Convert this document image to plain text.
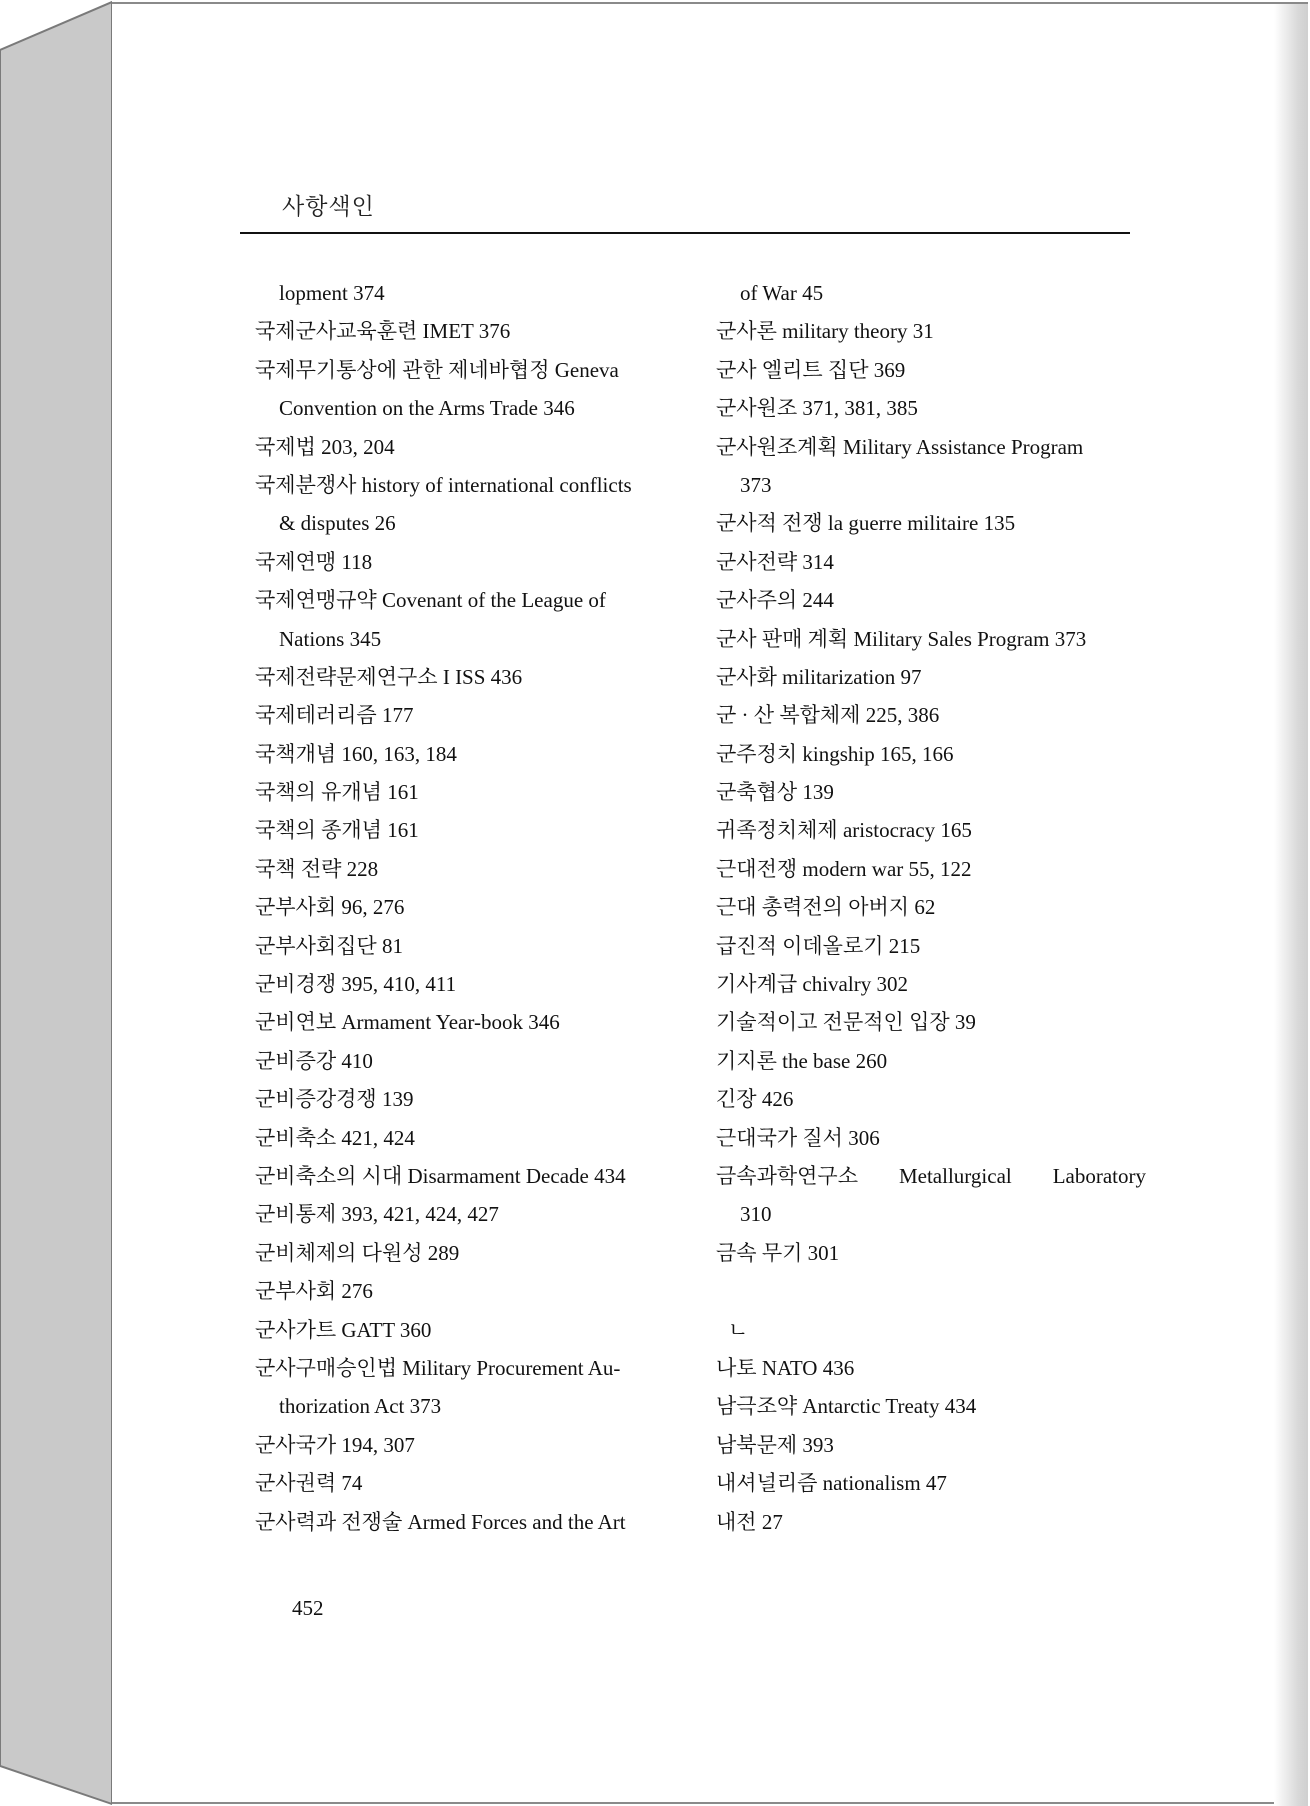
사항색인
lopment 374
국제군사교육훈련 IMET 376
국제무기통상에 관한 제네바협정 Geneva
Convention on the Arms Trade 346
국제법 203, 204
국제분쟁사 history of international conflicts
& disputes 26
국제연맹 118
국제연맹규약 Covenant of the League of
Nations 345
국제전략문제연구소 I ISS 436
국제테러리즘 177
국책개념 160, 163, 184
국책의 유개념 161
국책의 종개념 161
국책 전략 228
군부사회 96, 276
군부사회집단 81
군비경쟁 395, 410, 411
군비연보 Armament Year-book 346
군비증강 410
군비증강경쟁 139
군비축소 421, 424
군비축소의 시대 Disarmament Decade 434
군비통제 393, 421, 424, 427
군비체제의 다원성 289
군부사회 276
군사가트 GATT 360
군사구매승인법 Military Procurement Au-
thorization Act 373
군사국가 194, 307
군사권력 74
군사력과 전쟁술 Armed Forces and the Art
of War 45
군사론 military theory 31
군사 엘리트 집단 369
군사원조 371, 381, 385
군사원조계획 Military Assistance Program
373
군사적 전쟁 la guerre militaire 135
군사전략 314
군사주의 244
군사 판매 계획 Military Sales Program 373
군사화 militarization 97
군 · 산 복합체제 225, 386
군주정치 kingship 165, 166
군축협상 139
귀족정치체제 aristocracy 165
근대전쟁 modern war 55, 122
근대 총력전의 아버지 62
급진적 이데올로기 215
기사계급 chivalry 302
기술적이고 전문적인 입장 39
기지론 the base 260
긴장 426
근대국가 질서 306
금속과학연구소 Metallurgical Laboratory
310
금속 무기 301
ㄴ
나토 NATO 436
남극조약 Antarctic Treaty 434
남북문제 393
내셔널리즘 nationalism 47
내전 27
452
